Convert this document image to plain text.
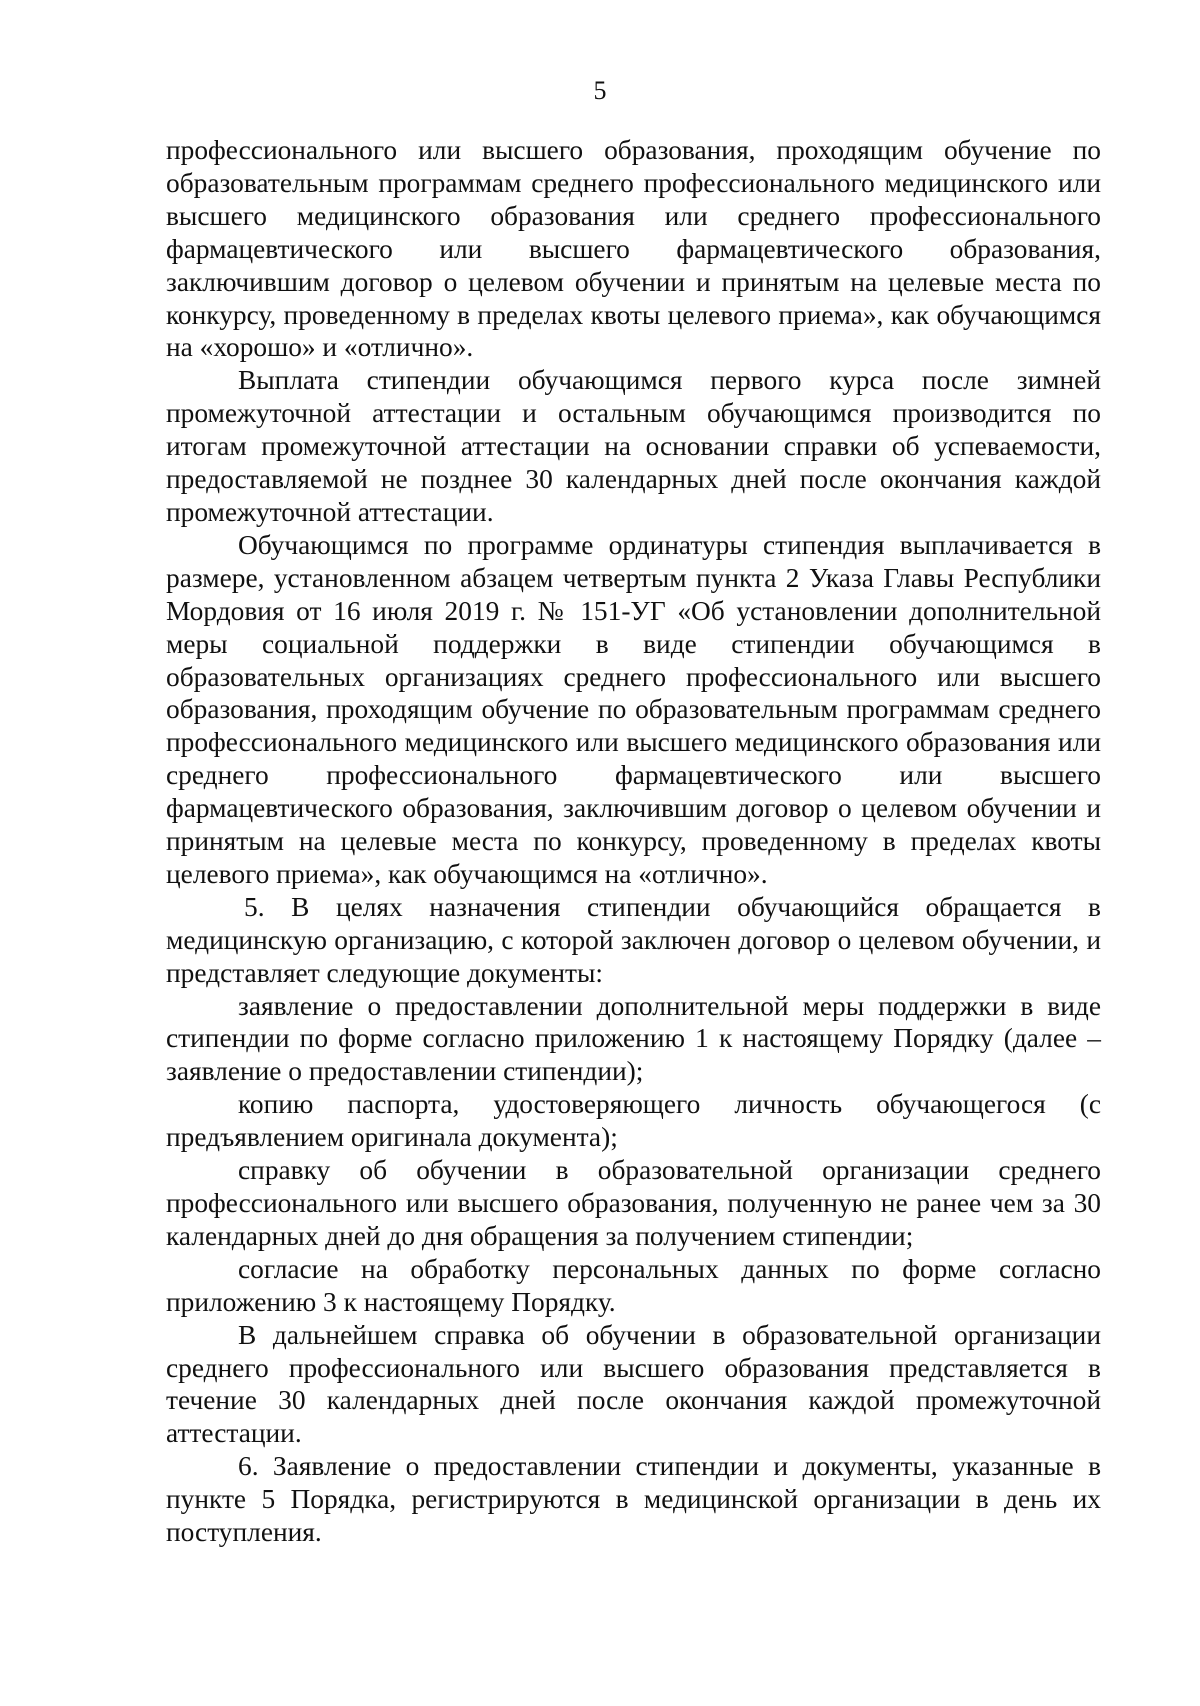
5

профессионального или высшего образования, проходящим обучение по образовательным программам среднего профессионального медицинского или высшего медицинского образования или среднего профессионального фармацевтического или высшего фармацевтического образования, заключившим договор о целевом обучении и принятым на целевые места по конкурсу, проведенному в пределах квоты целевого приема», как обучающимся на «хорошо» и «отлично».

Выплата стипендии обучающимся первого курса после зимней промежуточной аттестации и остальным обучающимся производится по итогам промежуточной аттестации на основании справки об успеваемости, предоставляемой не позднее 30 календарных дней после окончания каждой промежуточной аттестации.

Обучающимся по программе ординатуры стипендия выплачивается в размере, установленном абзацем четвертым пункта 2 Указа Главы Республики Мордовия от 16 июля 2019 г. № 151-УГ «Об установлении дополнительной меры социальной поддержки в виде стипендии обучающимся в образовательных организациях среднего профессионального или высшего образования, проходящим обучение по образовательным программам среднего профессионального медицинского или высшего медицинского образования или среднего профессионального фармацевтического или высшего фармацевтического образования, заключившим договор о целевом обучении и принятым на целевые места по конкурсу, проведенному в пределах квоты целевого приема», как обучающимся на «отлично».

5. В целях назначения стипендии обучающийся обращается в медицинскую организацию, с которой заключен договор о целевом обучении, и представляет следующие документы:

заявление о предоставлении дополнительной меры поддержки в виде стипендии по форме согласно приложению 1 к настоящему Порядку (далее – заявление о предоставлении стипендии);

копию паспорта, удостоверяющего личность обучающегося (с предъявлением оригинала документа);

справку об обучении в образовательной организации среднего профессионального или высшего образования, полученную не ранее чем за 30 календарных дней до дня обращения за получением стипендии;

согласие на обработку персональных данных по форме согласно приложению 3 к настоящему Порядку.

В дальнейшем справка об обучении в образовательной организации среднего профессионального или высшего образования представляется в течение 30 календарных дней после окончания каждой промежуточной аттестации.

6. Заявление о предоставлении стипендии и документы, указанные в пункте 5 Порядка, регистрируются в медицинской организации в день их поступления.
